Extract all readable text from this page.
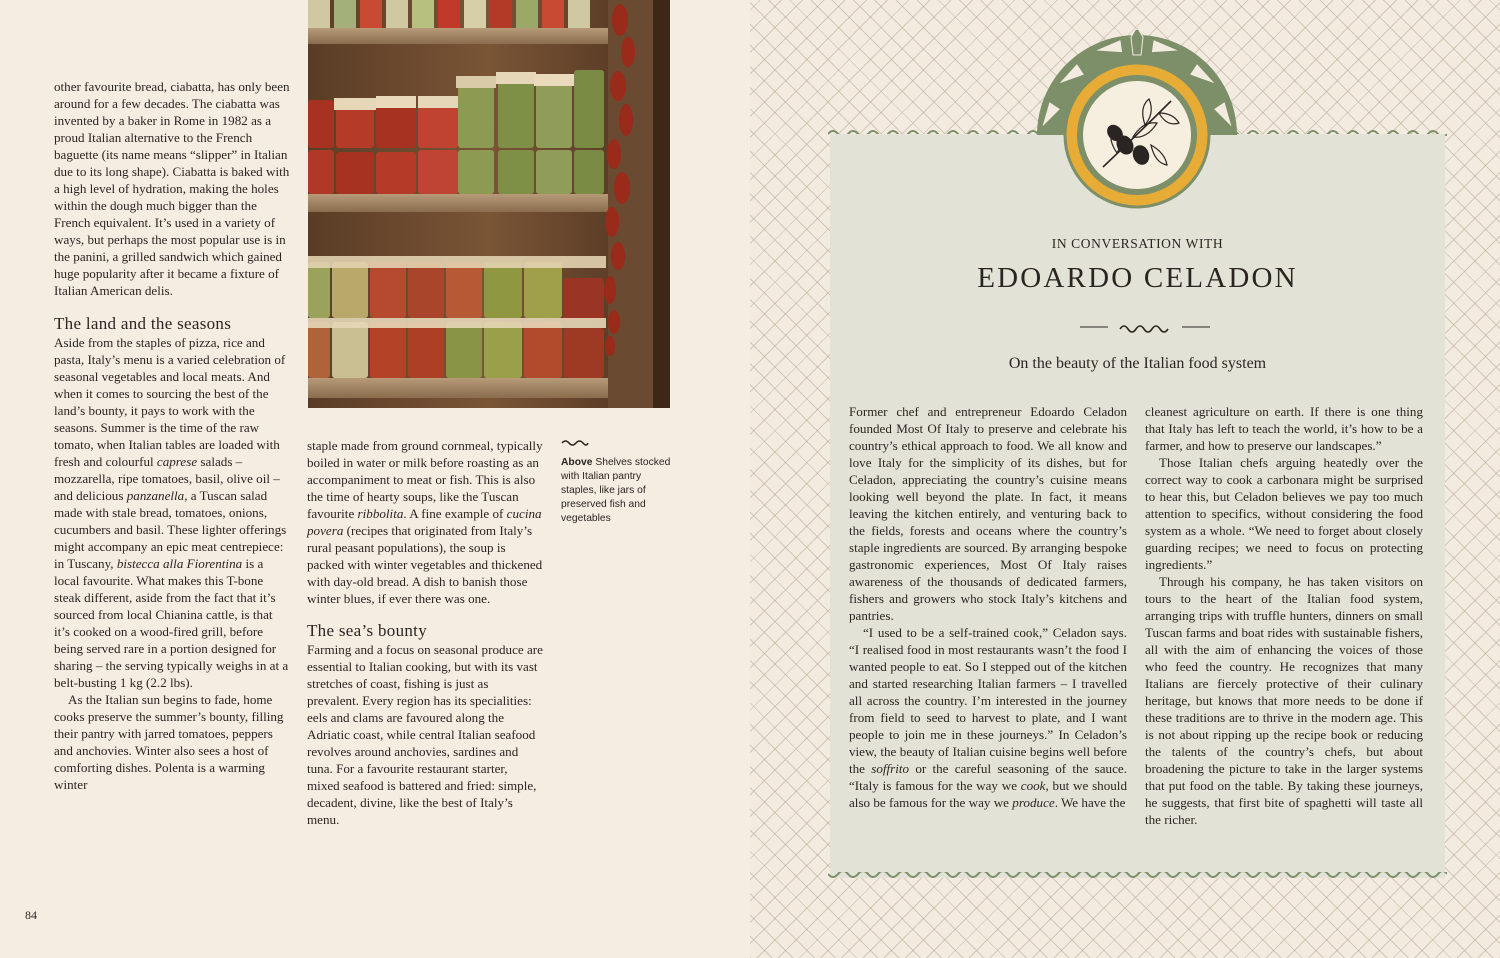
other favourite bread, ciabatta, has only been around for a few decades. The ciabatta was invented by a baker in Rome in 1982 as a proud Italian alternative to the French baguette (its name means “slipper” in Italian due to its long shape). Ciabatta is baked with a high level of hydration, making the holes within the dough much bigger than the French equivalent. It’s used in a variety of ways, but perhaps the most popular use is in the panini, a grilled sandwich which gained huge popularity after it became a fixture of Italian American delis.

The land and the seasons

Aside from the staples of pizza, rice and pasta, Italy’s menu is a varied celebration of seasonal vegetables and local meats. And when it comes to sourcing the best of the land’s bounty, it pays to work with the seasons. Summer is the time of the raw tomato, when Italian tables are loaded with fresh and colourful caprese salads – mozzarella, ripe tomatoes, basil, olive oil – and delicious panzanella, a Tuscan salad made with stale bread, tomatoes, onions, cucumbers and basil. These lighter offerings might accompany an epic meat centrepiece: in Tuscany, bistecca alla Fiorentina is a local favourite. What makes this T-bone steak different, aside from the fact that it’s sourced from local Chianina cattle, is that it’s cooked on a wood-fired grill, before being served rare in a portion designed for sharing – the serving typically weighs in at a belt-busting 1 kg (2.2 lbs).

As the Italian sun begins to fade, home cooks preserve the summer’s bounty, filling their pantry with jarred tomatoes, peppers and anchovies. Winter also sees a host of comforting dishes. Polenta is a warming winter

staple made from ground cornmeal, typically boiled in water or milk before roasting as an accompaniment to meat or fish. This is also the time of hearty soups, like the Tuscan favourite ribbolita. A fine example of cucina povera (recipes that originated from Italy’s rural peasant populations), the soup is packed with winter vegetables and thickened with day-old bread. A dish to banish those winter blues, if ever there was one.

The sea’s bounty

Farming and a focus on seasonal produce are essential to Italian cooking, but with its vast stretches of coast, fishing is just as prevalent. Every region has its specialities: eels and clams are favoured along the Adriatic coast, while central Italian seafood revolves around anchovies, sardines and tuna. For a favourite restaurant starter, mixed seafood is battered and fried: simple, decadent, divine, like the best of Italy’s menu.

Above Shelves stocked with Italian pantry staples, like jars of preserved fish and vegetables
84
IN CONVERSATION WITH
EDOARDO CELADON
On the beauty of the Italian food system

Former chef and entrepreneur Edoardo Celadon founded Most Of Italy to preserve and celebrate his country’s ethical approach to food. We all know and love Italy for the simplicity of its dishes, but for Celadon, appreciating the country’s cuisine means looking well beyond the plate. In fact, it means leaving the kitchen entirely, and venturing back to the fields, forests and oceans where the country’s staple ingredients are sourced. By arranging bespoke gastronomic experiences, Most Of Italy raises awareness of the thousands of dedicated farmers, fishers and growers who stock Italy’s kitchens and pantries.

“I used to be a self-trained cook,” Celadon says. “I realised food in most restaurants wasn’t the food I wanted people to eat. So I stepped out of the kitchen and started researching Italian farmers – I travelled all across the country. I’m interested in the journey from field to seed to harvest to plate, and I want people to join me in these journeys.” In Celadon’s view, the beauty of Italian cuisine begins well before the soffrito or the careful seasoning of the sauce. “Italy is famous for the way we cook, but we should also be famous for the way we produce. We have the

cleanest agriculture on earth. If there is one thing that Italy has left to teach the world, it’s how to be a farmer, and how to preserve our landscapes.”

Those Italian chefs arguing heatedly over the correct way to cook a carbonara might be surprised to hear this, but Celadon believes we pay too much attention to specifics, without considering the food system as a whole. “We need to forget about closely guarding recipes; we need to focus on protecting ingredients.”

Through his company, he has taken visitors on tours to the heart of the Italian food system, arranging trips with truffle hunters, dinners on small Tuscan farms and boat rides with sustainable fishers, all with the aim of enhancing the voices of those who feed the country. He recognizes that many Italians are fiercely protective of their culinary heritage, but knows that more needs to be done if these traditions are to thrive in the modern age. This is not about ripping up the recipe book or reducing the talents of the country’s chefs, but about broadening the picture to take in the larger systems that put food on the table. By taking these journeys, he suggests, that first bite of spaghetti will taste all the richer.
